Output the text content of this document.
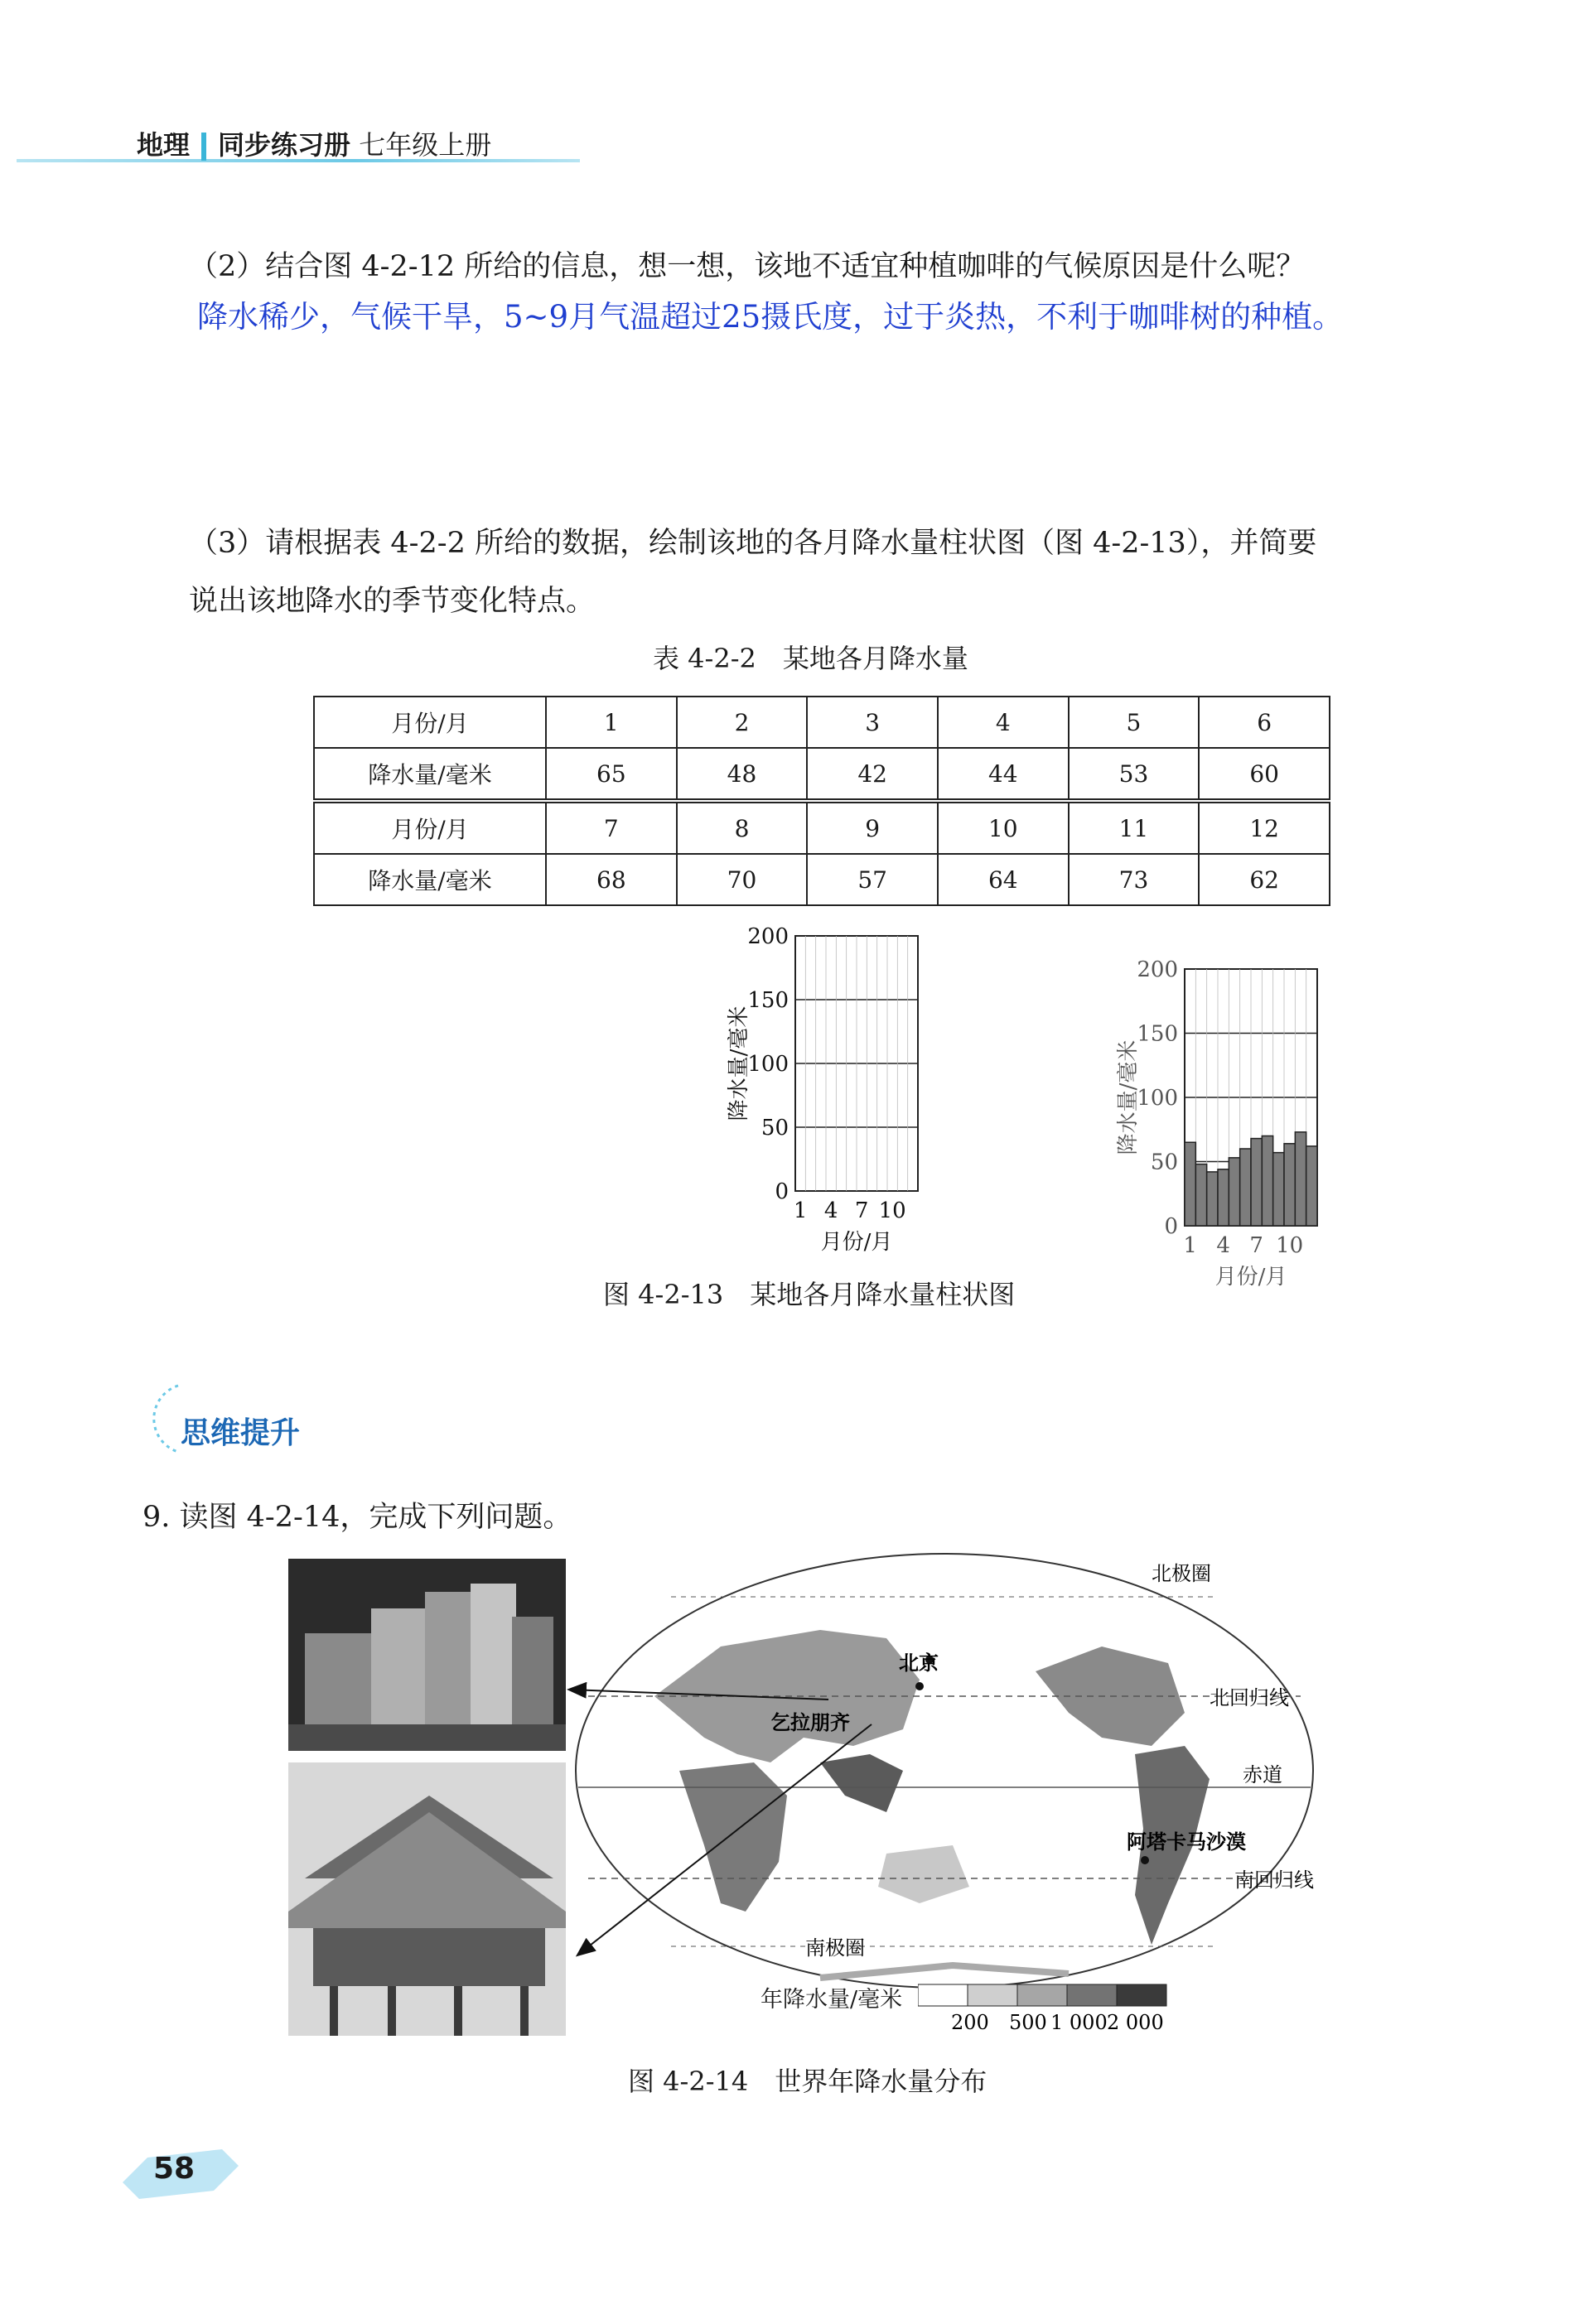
地理 同步练习册 七年级上册
（2）结合图 4-2-12 所给的信息，想一想，该地不适宜种植咖啡的气候原因是什么呢？
降水稀少，气候干旱，5~9月气温超过25摄氏度，过于炎热，不利于咖啡树的种植。
（3）请根据表 4-2-2 所给的数据，绘制该地的各月降水量柱状图（图 4-2-13），并简要
说出该地降水的季节变化特点。
表 4-2-2　某地各月降水量
月份/月	1	2	3	4	5	6
降水量/毫米	65	48	42	44	53	60
月份/月	7	8	9	10	11	12
降水量/毫米	68	70	57	64	73	62
200
150
100
50
0
1 4 7 10
月份/月
降水量/毫米
200
150
100
50
0
1 4 7 10
月份/月
降水量/毫米
图 4-2-13　某地各月降水量柱状图
思维提升
9. 读图 4-2-14，完成下列问题。
北极圈
北京
乞拉朋齐
北回归线
赤道
阿塔卡马沙漠
南回归线
南极圈
年降水量/毫米
200 500 1 000 2 000
图 4-2-14　世界年降水量分布
58
